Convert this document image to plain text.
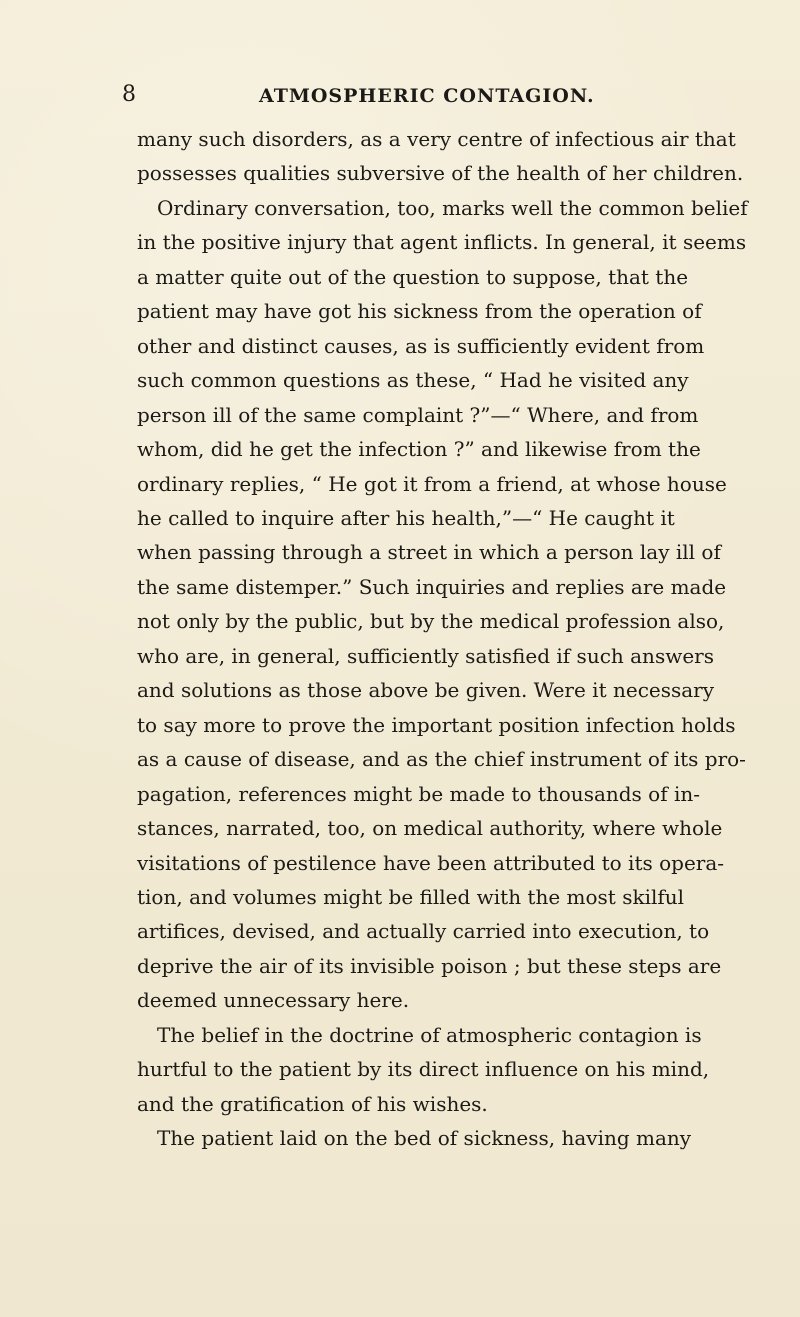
8	ATMOSPHERIC CONTAGION.
many such disorders, as a very centre of infectious air that
possesses qualities subversive of the health of her children.
Ordinary conversation, too, marks well the common belief
in the positive injury that agent inflicts. In general, it seems
a matter quite out of the question to suppose, that the
patient may have got his sickness from the operation of
other and distinct causes, as is sufficiently evident from
such common questions as these, “ Had he visited any
person ill of the same complaint ?”—“ Where, and from
whom, did he get the infection ?” and likewise from the
ordinary replies, “ He got it from a friend, at whose house
he called to inquire after his health,”—“ He caught it
when passing through a street in which a person lay ill of
the same distemper.” Such inquiries and replies are made
not only by the public, but by the medical profession also,
who are, in general, sufficiently satisfied if such answers
and solutions as those above be given. Were it necessary
to say more to prove the important position infection holds
as a cause of disease, and as the chief instrument of its pro-
pagation, references might be made to thousands of in-
stances, narrated, too, on medical authority, where whole
visitations of pestilence have been attributed to its opera-
tion, and volumes might be filled with the most skilful
artifices, devised, and actually carried into execution, to
deprive the air of its invisible poison ; but these steps are
deemed unnecessary here.
The belief in the doctrine of atmospheric contagion is
hurtful to the patient by its direct influence on his mind,
and the gratification of his wishes.
The patient laid on the bed of sickness, having many
